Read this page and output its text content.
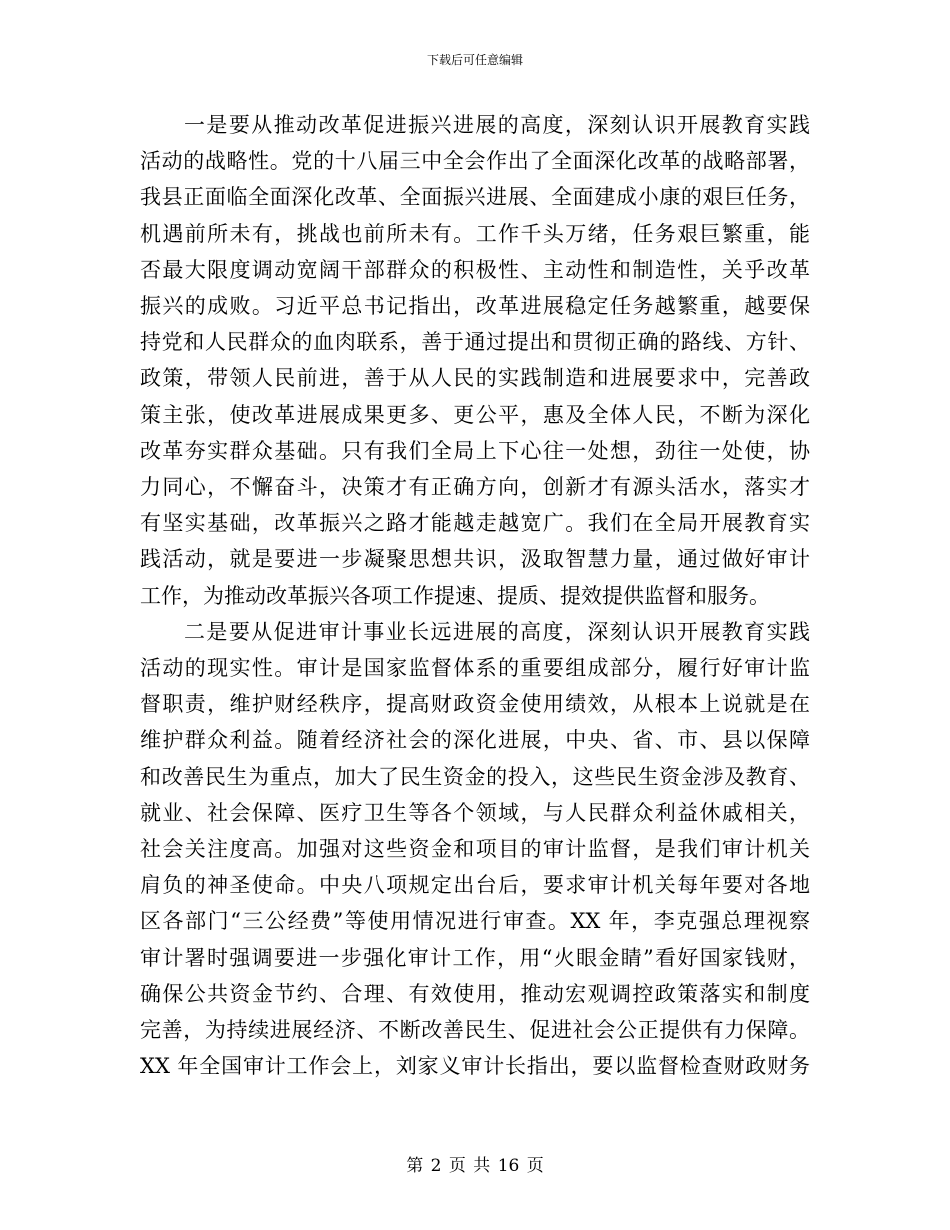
下载后可任意编辑

一是要从推动改革促进振兴进展的高度，深刻认识开展教育实践
活动的战略性。党的十八届三中全会作出了全面深化改革的战略部署，
我县正面临全面深化改革、全面振兴进展、全面建成小康的艰巨任务，
机遇前所未有，挑战也前所未有。工作千头万绪，任务艰巨繁重，能
否最大限度调动宽阔干部群众的积极性、主动性和制造性，关乎改革
振兴的成败。习近平总书记指出，改革进展稳定任务越繁重，越要保
持党和人民群众的血肉联系，善于通过提出和贯彻正确的路线、方针、
政策，带领人民前进，善于从人民的实践制造和进展要求中，完善政
策主张，使改革进展成果更多、更公平，惠及全体人民，不断为深化
改革夯实群众基础。只有我们全局上下心往一处想，劲往一处使，协
力同心，不懈奋斗，决策才有正确方向，创新才有源头活水，落实才
有坚实基础，改革振兴之路才能越走越宽广。我们在全局开展教育实
践活动，就是要进一步凝聚思想共识，汲取智慧力量，通过做好审计
工作，为推动改革振兴各项工作提速、提质、提效提供监督和服务。

二是要从促进审计事业长远进展的高度，深刻认识开展教育实践
活动的现实性。审计是国家监督体系的重要组成部分，履行好审计监
督职责，维护财经秩序，提高财政资金使用绩效，从根本上说就是在
维护群众利益。随着经济社会的深化进展，中央、省、市、县以保障
和改善民生为重点，加大了民生资金的投入，这些民生资金涉及教育、
就业、社会保障、医疗卫生等各个领域，与人民群众利益休戚相关，
社会关注度高。加强对这些资金和项目的审计监督，是我们审计机关
肩负的神圣使命。中央八项规定出台后，要求审计机关每年要对各地
区各部门“三公经费”等使用情况进行审查。XX 年，李克强总理视察
审计署时强调要进一步强化审计工作，用“火眼金睛”看好国家钱财，
确保公共资金节约、合理、有效使用，推动宏观调控政策落实和制度
完善，为持续进展经济、不断改善民生、促进社会公正提供有力保障。
XX 年全国审计工作会上，刘家义审计长指出，要以监督检查财政财务

第 2 页 共 16 页
